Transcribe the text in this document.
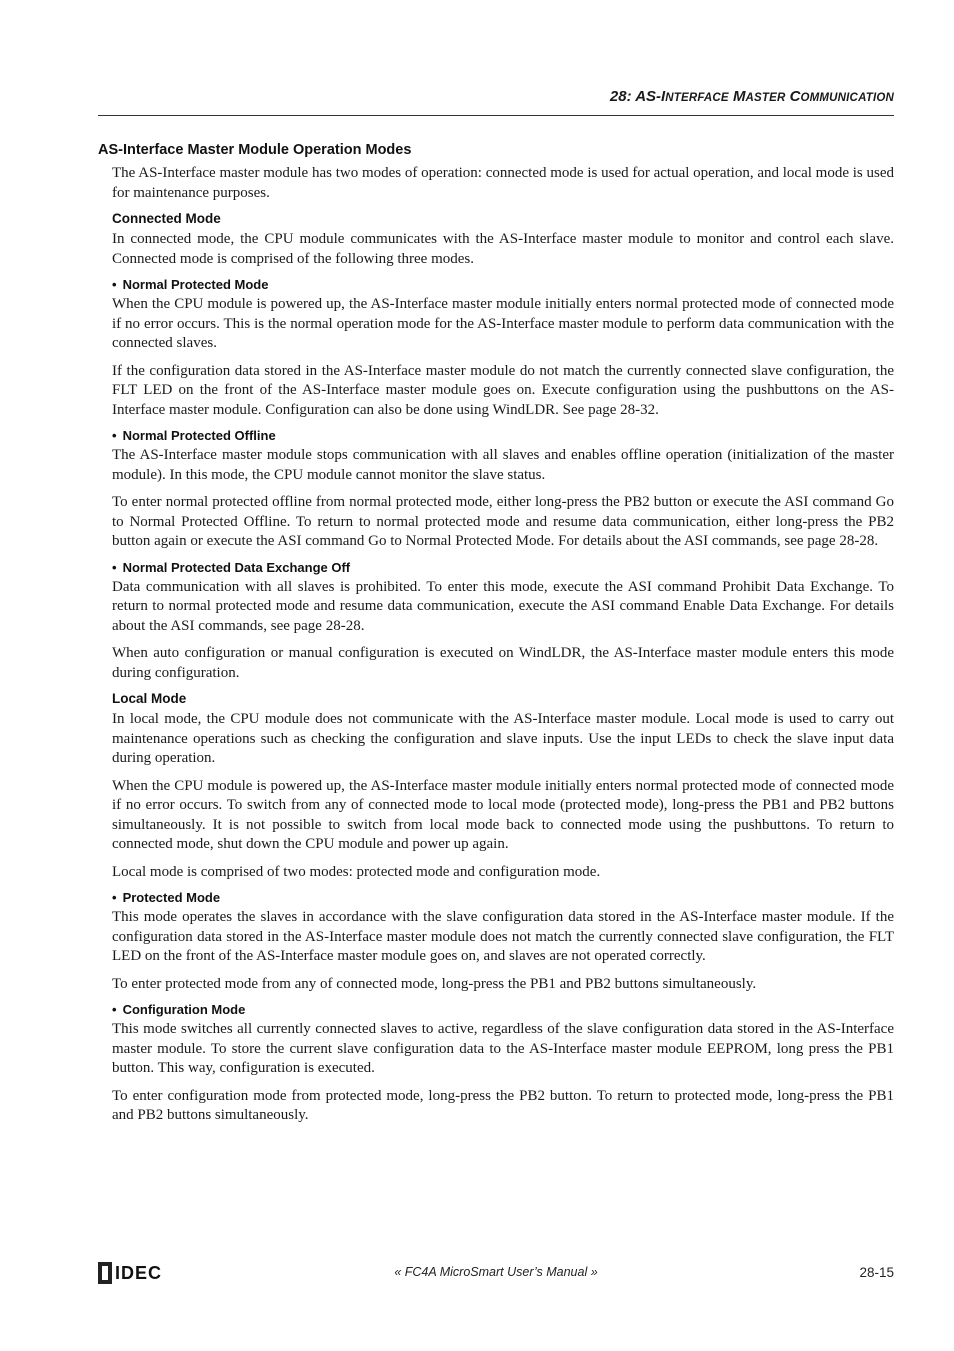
28: AS-INTERFACE MASTER COMMUNICATION
AS-Interface Master Module Operation Modes

The AS-Interface master module has two modes of operation: connected mode is used for actual operation, and local mode is used for maintenance purposes.

Connected Mode

In connected mode, the CPU module communicates with the AS-Interface master module to monitor and control each slave. Connected mode is comprised of the following three modes.

• Normal Protected Mode

When the CPU module is powered up, the AS-Interface master module initially enters normal protected mode of connected mode if no error occurs. This is the normal operation mode for the AS-Interface master module to perform data communication with the connected slaves.

If the configuration data stored in the AS-Interface master module do not match the currently connected slave configuration, the FLT LED on the front of the AS-Interface master module goes on. Execute configuration using the pushbuttons on the AS-Interface master module. Configuration can also be done using WindLDR. See page 28-32.

• Normal Protected Offline

The AS-Interface master module stops communication with all slaves and enables offline operation (initialization of the master module). In this mode, the CPU module cannot monitor the slave status.

To enter normal protected offline from normal protected mode, either long-press the PB2 button or execute the ASI command Go to Normal Protected Offline. To return to normal protected mode and resume data communication, either long-press the PB2 button again or execute the ASI command Go to Normal Protected Mode. For details about the ASI commands, see page 28-28.

• Normal Protected Data Exchange Off

Data communication with all slaves is prohibited. To enter this mode, execute the ASI command Prohibit Data Exchange. To return to normal protected mode and resume data communication, execute the ASI command Enable Data Exchange. For details about the ASI commands, see page 28-28.

When auto configuration or manual configuration is executed on WindLDR, the AS-Interface master module enters this mode during configuration.

Local Mode

In local mode, the CPU module does not communicate with the AS-Interface master module. Local mode is used to carry out maintenance operations such as checking the configuration and slave inputs. Use the input LEDs to check the slave input data during operation.

When the CPU module is powered up, the AS-Interface master module initially enters normal protected mode of connected mode if no error occurs. To switch from any of connected mode to local mode (protected mode), long-press the PB1 and PB2 buttons simultaneously. It is not possible to switch from local mode back to connected mode using the pushbuttons. To return to connected mode, shut down the CPU module and power up again.

Local mode is comprised of two modes: protected mode and configuration mode.

• Protected Mode

This mode operates the slaves in accordance with the slave configuration data stored in the AS-Interface master module. If the configuration data stored in the AS-Interface master module does not match the currently connected slave configuration, the FLT LED on the front of the AS-Interface master module goes on, and slaves are not operated correctly.

To enter protected mode from any of connected mode, long-press the PB1 and PB2 buttons simultaneously.

• Configuration Mode

This mode switches all currently connected slaves to active, regardless of the slave configuration data stored in the AS-Interface master module. To store the current slave configuration data to the AS-Interface master module EEPROM, long press the PB1 button. This way, configuration is executed.

To enter configuration mode from protected mode, long-press the PB2 button. To return to protected mode, long-press the PB1 and PB2 buttons simultaneously.

IDEC	« FC4A MicroSmart User’s Manual »	28-15
